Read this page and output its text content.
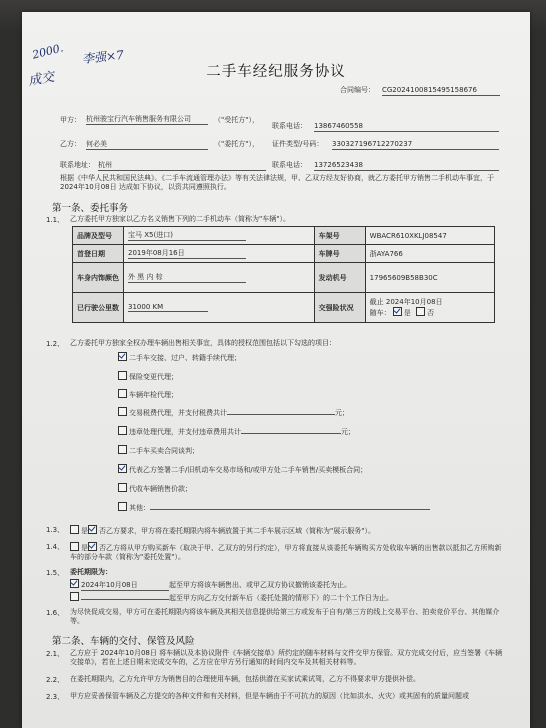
2000. 李强×7
成交	二手车经纪服务协议
合同编号： CG2024100815495158676
甲方： 杭州骏宝行汽车销售服务有限公司	（"受托方"），
联系电话： 13867460558
乙方： 何必美	（"委托方"）， 证件类型/号码： 330327196712270237
联系地址： 杭州	联系电话： 13726523438
根据《中华人民共和国民法典》、《二手车流通管理办法》等有关法律法规，甲、乙双方经友好协商，就乙方委托甲方销售二手机动车事宜，于 2024年10月08日 达成如下协议，以资共同遵照执行。
第一条、委托事务
1.1、 乙方委托甲方独家以乙方名义销售下列的二手机动车（简称为"车辆"）。
品牌及型号	宝马 X5(进口)	车架号	WBACR610XKLJ08547
首登日期	2019年08月16日	车牌号	浙AYA766
车身内饰颜色	外 黑 内 棕	发动机号	17965609B58B30C
已行驶公里数	31000 KM	交强险状况	截止 2024年10月08日
随车： 是 否
1.2、 乙方委托甲方独家全权办理车辆出售相关事宜，具体的授权范围包括以下勾选的项目：
二手车交接、过户、转籍手续代理；
保险变更代理；
车辆年检代理；
交易税费代理，并支付税费共计	元；
违章处理代理，并支付违章费用共计	元；
二手车买卖合同谈判；
代表乙方签署二手/旧机动车交易市场和/或甲方处二手车销售/买卖模板合同；
代收车辆销售价款；
其他：
1.3、	是 否乙方要求，甲方将在委托期限内将车辆放置于其二手车展示区域（简称为"展示服务"）。
1.4、	是 否乙方将从甲方购买新车（取决于甲、乙双方的另行约定），甲方将直接从该委托车辆购买方处收取车辆的出售款以抵扣乙方所购新车的部分车款（简称为"委托处置"）。
1.5、 委托期限为：
2024年10月08日	起至甲方将该车辆售出、或甲乙双方协议撤销该委托为止。
起至甲方向乙方交付新车后（委托处置的情形下）的二十个工作日为止。
1.6、 为尽快促成交易，甲方可在委托期限内将该车辆及其相关信息提供给第三方或发布于自有/第三方的线上交易平台、拍卖竞价平台、其他媒介等。
第二条、车辆的交付、保管及风险
2.1、 乙方应于 2024年10月08日 将车辆以及本协议附件《车辆交接单》所约定的随车材料与文件交甲方保管。双方完成交付后，应当签署《车辆交接单》，若在上述日期未完成交车的，乙方应在甲方另行通知的时间内交车及其相关材料等。
2.2、 在委托期限内，乙方允许甲方为销售目的合理使用车辆，包括供潜在买家试乘试驾，乙方不得要求甲方提供补偿。
2.3、 甲方应妥善保管车辆及乙方提交的各种文件和有关材料，但是车辆由于不可抗力的原因（比如洪水、火灾）或其固有的质量问题或
